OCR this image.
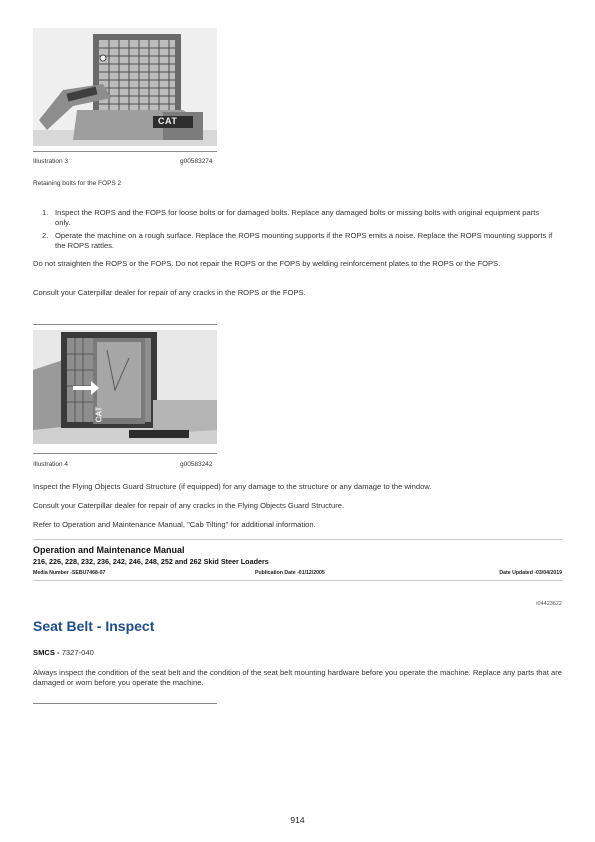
CAT
Illustration 3	g00583274
Retaining bolts for the FOPS 2
1. Inspect the ROPS and the FOPS for loose bolts or for damaged bolts. Replace any damaged bolts or missing bolts with original equipment parts only.
2. Operate the machine on a rough surface. Replace the ROPS mounting supports if the ROPS emits a noise. Replace the ROPS mounting supports if the ROPS rattles.

Do not straighten the ROPS or the FOPS. Do not repair the ROPS or the FOPS by welding reinforcement plates to the ROPS or the FOPS.

Consult your Caterpillar dealer for repair of any cracks in the ROPS or the FOPS.

CAT
Illustration 4	g00583242

Inspect the Flying Objects Guard Structure (if equipped) for any damage to the structure or any damage to the window.

Consult your Caterpillar dealer for repair of any cracks in the Flying Objects Guard Structure.

Refer to Operation and Maintenance Manual, "Cab Tilting" for additional information.

Operation and Maintenance Manual
216, 226, 228, 232, 236, 242, 246, 248, 252 and 262 Skid Steer Loaders
Media Number -SEBU7468-07	Publication Date -01/12/2005	Date Updated -03/04/2019
i04423622
Seat Belt - Inspect
SMCS - 7327-040

Always inspect the condition of the seat belt and the condition of the seat belt mounting hardware before you operate the machine. Replace any parts that are damaged or worn before you operate the machine.

914
